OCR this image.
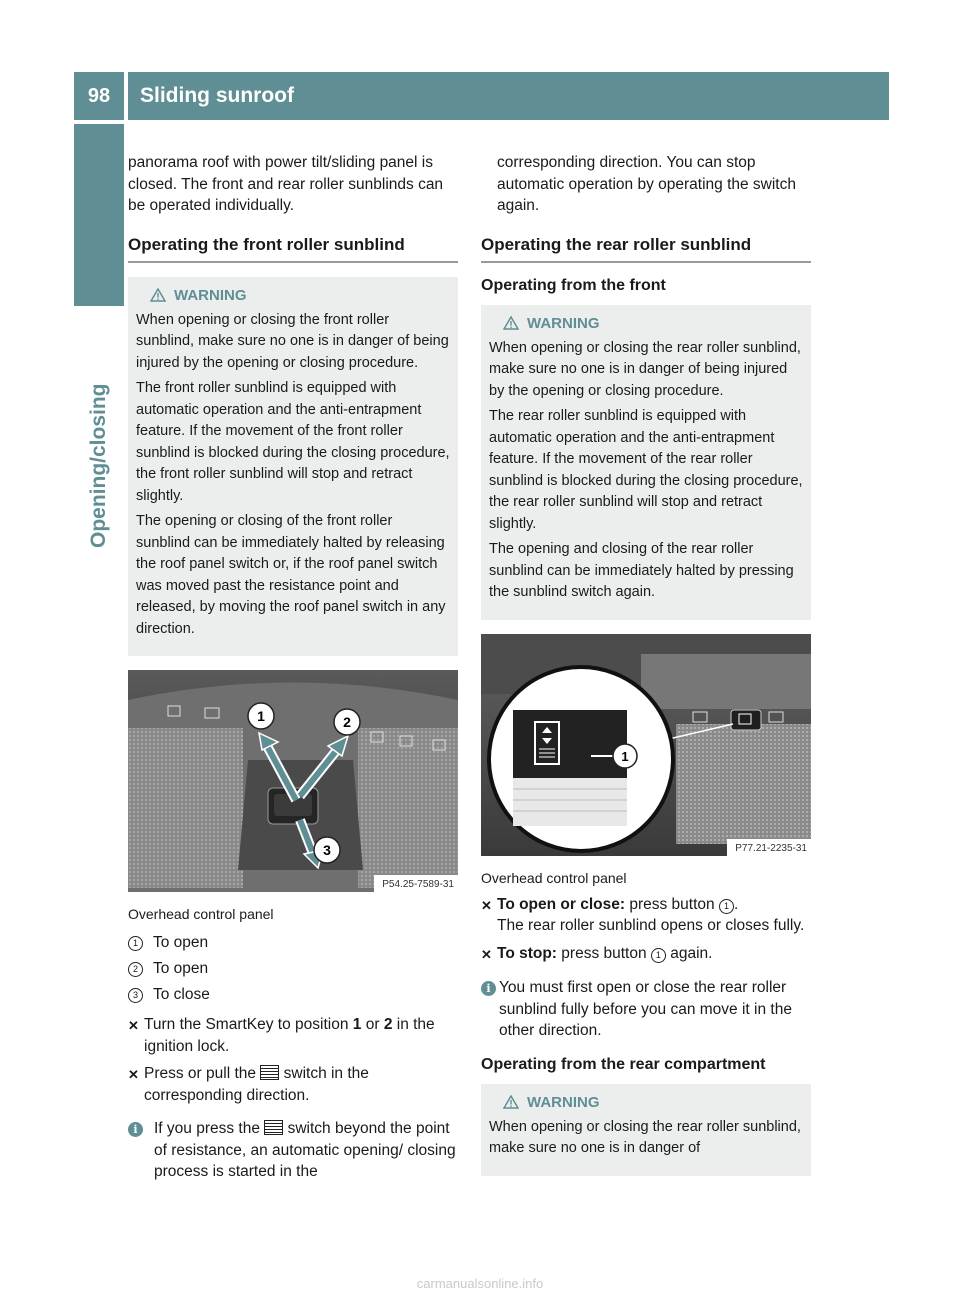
98	Sliding sunroof
Opening/closing

panorama roof with power tilt/sliding panel is closed. The front and rear roller sunblinds can be operated individually.

Operating the front roller sunblind
WARNING

When opening or closing the front roller sunblind, make sure no one is in danger of being injured by the opening or closing procedure.

The front roller sunblind is equipped with automatic operation and the anti-entrapment feature. If the movement of the front roller sunblind is blocked during the closing procedure, the front roller sunblind will stop and retract slightly.

The opening or closing of the front roller sunblind can be immediately halted by releasing the roof panel switch or, if the roof panel switch was moved past the resistance point and released, by moving the roof panel switch in any direction.

1	2
3
P54.25-7589-31
Overhead control panel
1 To open
2 To open
3 To close
✕ Turn the SmartKey to position 1 or 2 in the ignition lock.
✕ Press or pull the  switch in the corresponding direction.
i	If you press the  switch beyond the point of resistance, an automatic opening/ closing process is started in the

corresponding direction. You can stop automatic operation by operating the switch again.

Operating the rear roller sunblind
Operating from the front
WARNING

When opening or closing the rear roller sunblind, make sure no one is in danger of being injured by the opening or closing procedure.

The rear roller sunblind is equipped with automatic operation and the anti-entrapment feature. If the movement of the rear roller sunblind is blocked during the closing procedure, the rear roller sunblind will stop and retract slightly.

The opening and closing of the rear roller sunblind can be immediately halted by pressing the sunblind switch again.

1
P77.21-2235-31
Overhead control panel
✕ To open or close: press button 1 .
The rear roller sunblind opens or closes fully.
✕ To stop: press button 1 again.
i You must first open or close the rear roller sunblind fully before you can move it in the other direction.
Operating from the rear compartment
WARNING

When opening or closing the rear roller sunblind, make sure no one is in danger of

carmanualsonline.info
